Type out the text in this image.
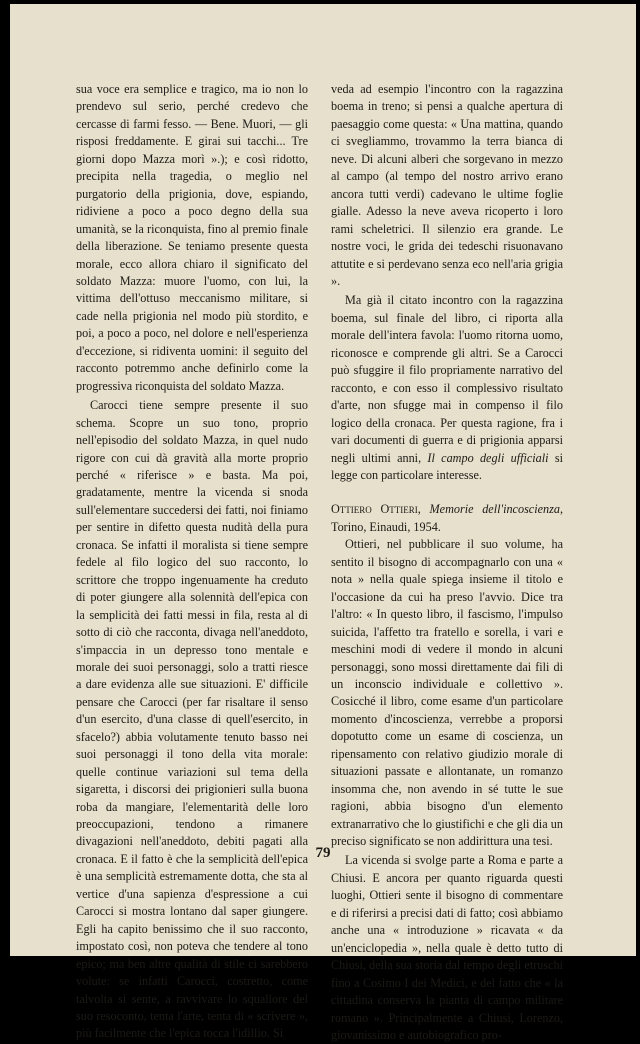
sua voce era semplice e tragico, ma io non lo prendevo sul serio, perché credevo che cercasse di farmi fesso. — Bene. Muori, — gli risposi freddamente. E girai sui tacchi... Tre giorni dopo Mazza morì ».); e così ridotto, precipita nella tragedia, o meglio nel purgatorio della prigionia, dove, espiando, ridiviene a poco a poco degno della sua umanità, se la riconquista, fino al premio finale della liberazione. Se teniamo presente questa morale, ecco allora chiaro il significato del soldato Mazza: muore l'uomo, con lui, la vittima dell'ottuso meccanismo militare, si cade nella prigionia nel modo più stordito, e poi, a poco a poco, nel dolore e nell'esperienza d'eccezione, si ridiventa uomini: il seguito del racconto potremmo anche definirlo come la progressiva riconquista del soldato Mazza.

Carocci tiene sempre presente il suo schema. Scopre un suo tono, proprio nell'episodio del soldato Mazza, in quel nudo rigore con cui dà gravità alla morte proprio perché « riferisce » e basta. Ma poi, gradatamente, mentre la vicenda si snoda sull'elementare succedersi dei fatti, noi finiamo per sentire in difetto questa nudità della pura cronaca. Se infatti il moralista si tiene sempre fedele al filo logico del suo racconto, lo scrittore che troppo ingenuamente ha creduto di poter giungere alla solennità dell'epica con la semplicità dei fatti messi in fila, resta al di sotto di ciò che racconta, divaga nell'aneddoto, s'impaccia in un depresso tono mentale e morale dei suoi personaggi, solo a tratti riesce a dare evidenza alle sue situazioni. E' difficile pensare che Carocci (per far risaltare il senso d'un esercito, d'una classe di quell'esercito, in sfacelo?) abbia volutamente tenuto basso nei suoi personaggi il tono della vita morale: quelle continue variazioni sul tema della sigaretta, i discorsi dei prigionieri sulla buona roba da mangiare, l'elementarità delle loro preoccupazioni, tendono a rimanere divagazioni nell'aneddoto, debiti pagati alla cronaca. E il fatto è che la semplicità dell'epica è una semplicità estremamente dotta, che sta al vertice d'una sapienza d'espressione a cui Carocci si mostra lontano dal saper giungere. Egli ha capito benissimo che il suo racconto, impostato così, non poteva che tendere al tono epico; ma ben altre qualità di stile ci sarebbero volute: se infatti Carocci, costretto, come talvolta si sente, a ravvivare lo squallore del suo resoconto, tenta l'arte, tenta di « scrivere », più facilmente che l'epica tocca l'idillio. Si

veda ad esempio l'incontro con la ragazzina boema in treno; si pensi a qualche apertura di paesaggio come questa: « Una mattina, quando ci svegliammo, trovammo la terra bianca di neve. Di alcuni alberi che sorgevano in mezzo al campo (al tempo del nostro arrivo erano ancora tutti verdi) cadevano le ultime foglie gialle. Adesso la neve aveva ricoperto i loro rami scheletrici. Il silenzio era grande. Le nostre voci, le grida dei tedeschi risuonavano attutite e si perdevano senza eco nell'aria grigia ».

Ma già il citato incontro con la ragazzina boema, sul finale del libro, ci riporta alla morale dell'intera favola: l'uomo ritorna uomo, riconosce e comprende gli altri. Se a Carocci può sfuggire il filo propriamente narrativo del racconto, e con esso il complessivo risultato d'arte, non sfugge mai in compenso il filo logico della cronaca. Per questa ragione, fra i vari documenti di guerra e di prigionia apparsi negli ultimi anni, Il campo degli ufficiali si legge con particolare interesse.

Ottiero Ottieri, Memorie dell'incoscienza, Torino, Einaudi, 1954.

Ottieri, nel pubblicare il suo volume, ha sentito il bisogno di accompagnarlo con una « nota » nella quale spiega insieme il titolo e l'occasione da cui ha preso l'avvio. Dice tra l'altro: « In questo libro, il fascismo, l'impulso suicida, l'affetto tra fratello e sorella, i vari e meschini modi di vedere il mondo in alcuni personaggi, sono mossi direttamente dai fili di un inconscio individuale e collettivo ». Cosicché il libro, come esame d'un particolare momento d'incoscienza, verrebbe a proporsi dopotutto come un esame di coscienza, un ripensamento con relativo giudizio morale di situazioni passate e allontanate, un romanzo insomma che, non avendo in sé tutte le sue ragioni, abbia bisogno d'un elemento extranarrativo che lo giustifichi e che gli dia un preciso significato se non addirittura una tesi.

La vicenda si svolge parte a Roma e parte a Chiusi. E ancora per quanto riguarda questi luoghi, Ottieri sente il bisogno di commentare e di riferirsi a precisi dati di fatto; così abbiamo anche una « introduzione » ricavata « da un'enciclopedia », nella quale è detto tutto di Chiusi, della sua storia dal tempo degli etruschi fino a Cosimo I dei Medici, e del fatto che « la cittadina conserva la pianta di campo militare romano ». Principalmente a Chiusi, Lorenzo, giovanissimo e autobiografico pro-

79
